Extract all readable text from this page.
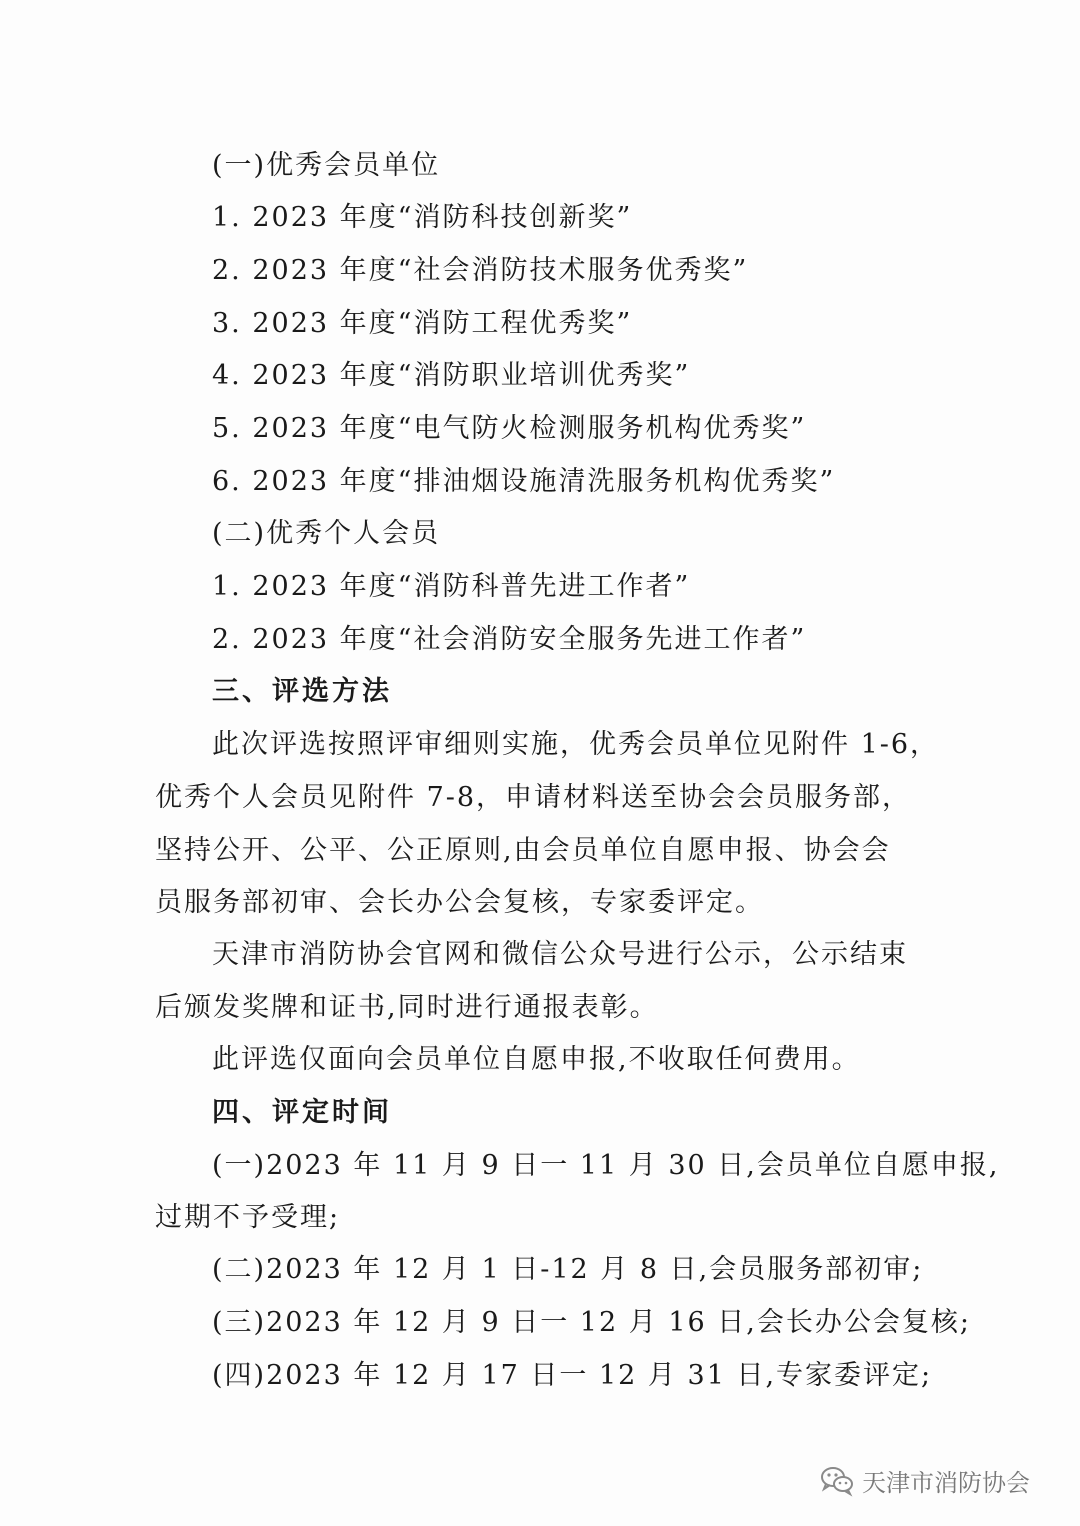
(一)优秀会员单位
1. 2023 年度“消防科技创新奖”
2. 2023 年度“社会消防技术服务优秀奖”
3. 2023 年度“消防工程优秀奖”
4. 2023 年度“消防职业培训优秀奖”
5. 2023 年度“电气防火检测服务机构优秀奖”
6. 2023 年度“排油烟设施清洗服务机构优秀奖”
(二)优秀个人会员
1. 2023 年度“消防科普先进工作者”
2. 2023 年度“社会消防安全服务先进工作者”
三、评选方法
此次评选按照评审细则实施，优秀会员单位见附件 1-6，
优秀个人会员见附件 7-8，申请材料送至协会会员服务部，
坚持公开、公平、公正原则,由会员单位自愿申报、协会会
员服务部初审、会长办公会复核，专家委评定。
天津市消防协会官网和微信公众号进行公示，公示结束
后颁发奖牌和证书,同时进行通报表彰。
此评选仅面向会员单位自愿申报,不收取任何费用。
四、评定时间
(一)2023 年 11 月 9 日一 11 月 30 日,会员单位自愿申报,
过期不予受理;
(二)2023 年 12 月 1 日-12 月 8 日,会员服务部初审;
(三)2023 年 12 月 9 日一 12 月 16 日,会长办公会复核;
(四)2023 年 12 月 17 日一 12 月 31 日,专家委评定;
天津市消防协会
